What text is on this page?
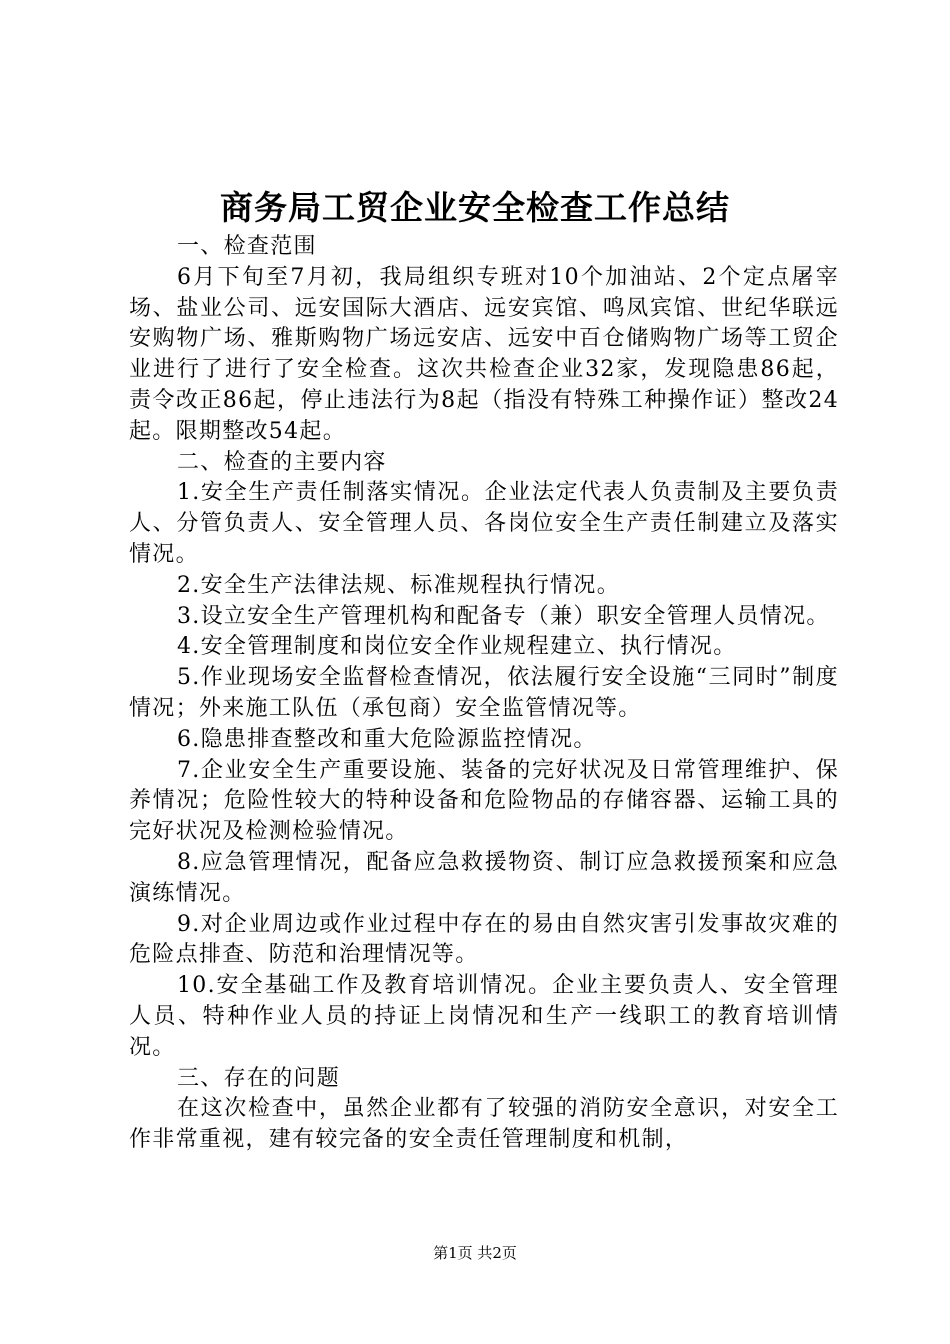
商务局工贸企业安全检查工作总结

一、检查范围

6月下旬至7月初，我局组织专班对10个加油站、2个定点屠宰场、盐业公司、远安国际大酒店、远安宾馆、鸣凤宾馆、世纪华联远安购物广场、雅斯购物广场远安店、远安中百仓储购物广场等工贸企业进行了进行了安全检查。这次共检查企业32家，发现隐患86起，责令改正86起，停止违法行为8起（指没有特殊工种操作证）整改24起。限期整改54起。

二、检查的主要内容

1.安全生产责任制落实情况。企业法定代表人负责制及主要负责人、分管负责人、安全管理人员、各岗位安全生产责任制建立及落实情况。

2.安全生产法律法规、标准规程执行情况。

3.设立安全生产管理机构和配备专（兼）职安全管理人员情况。

4.安全管理制度和岗位安全作业规程建立、执行情况。

5.作业现场安全监督检查情况，依法履行安全设施“三同时”制度情况；外来施工队伍（承包商）安全监管情况等。

6.隐患排查整改和重大危险源监控情况。

7.企业安全生产重要设施、装备的完好状况及日常管理维护、保养情况；危险性较大的特种设备和危险物品的存储容器、运输工具的完好状况及检测检验情况。

8.应急管理情况，配备应急救援物资、制订应急救援预案和应急演练情况。

9.对企业周边或作业过程中存在的易由自然灾害引发事故灾难的危险点排查、防范和治理情况等。

10.安全基础工作及教育培训情况。企业主要负责人、安全管理人员、特种作业人员的持证上岗情况和生产一线职工的教育培训情况。

三、存在的问题

在这次检查中，虽然企业都有了较强的消防安全意识，对安全工作非常重视，建有较完备的安全责任管理制度和机制，

第1页 共2页
